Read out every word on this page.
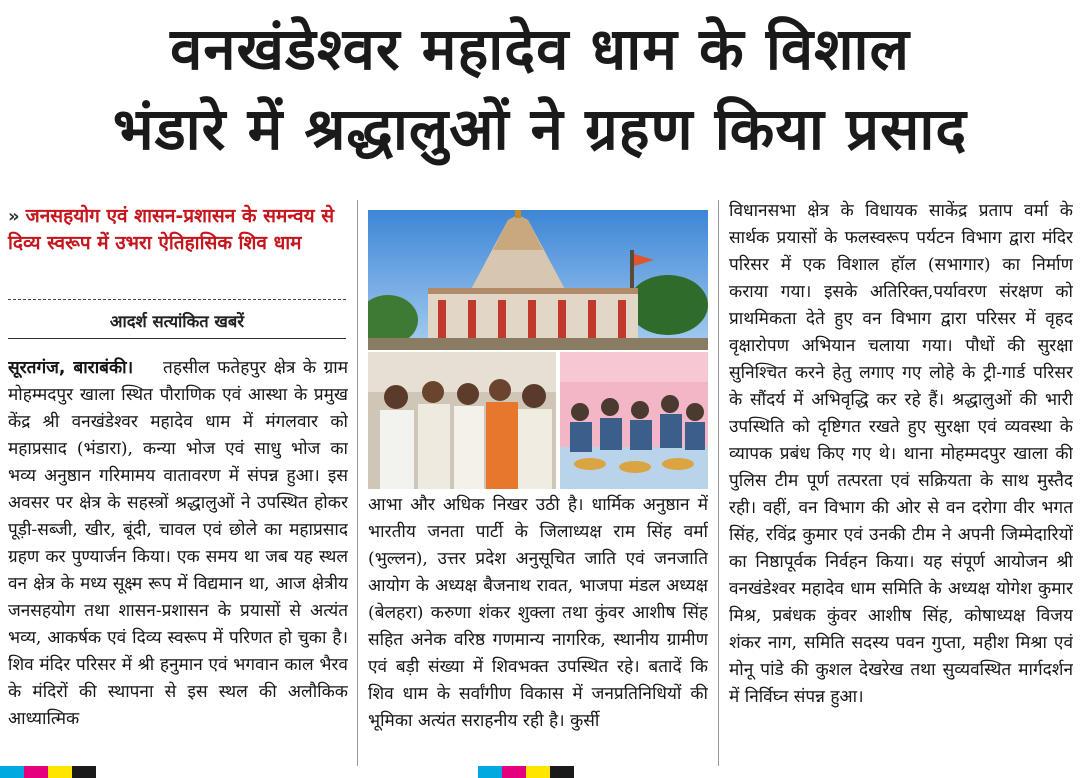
वनखंडेश्वर महादेव धाम के विशाल
भंडारे में श्रद्धालुओं ने ग्रहण किया प्रसाद
» जनसहयोग एवं शासन-प्रशासन के समन्वय से दिव्य स्वरूप में उभरा ऐतिहासिक शिव धाम
आदर्श सत्यांकित खबरें
सूरतगंज, बाराबंकी। तहसील फतेहपुर क्षेत्र के ग्राम मोहम्मदपुर खाला स्थित पौराणिक एवं आस्था के प्रमुख केंद्र श्री वनखंडेश्वर महादेव धाम में मंगलवार को महाप्रसाद (भंडारा), कन्या भोज एवं साधु भोज का भव्य अनुष्ठान गरिमामय वातावरण में संपन्न हुआ। इस अवसर पर क्षेत्र के सहस्त्रों श्रद्धालुओं ने उपस्थित होकर पूड़ी-सब्जी, खीर, बूंदी, चावल एवं छोले का महाप्रसाद ग्रहण कर पुण्यार्जन किया। एक समय था जब यह स्थल वन क्षेत्र के मध्य सूक्ष्म रूप में विद्यमान था, आज क्षेत्रीय जनसहयोग तथा शासन-प्रशासन के प्रयासों से अत्यंत भव्य, आकर्षक एवं दिव्य स्वरूप में परिणत हो चुका है। शिव मंदिर परिसर में श्री हनुमान एवं भगवान काल भैरव के मंदिरों की स्थापना से इस स्थल की अलौकिक आध्यात्मिक
आभा और अधिक निखर उठी है। धार्मिक अनुष्ठान में भारतीय जनता पार्टी के जिलाध्यक्ष राम सिंह वर्मा (भुल्लन), उत्तर प्रदेश अनुसूचित जाति एवं जनजाति आयोग के अध्यक्ष बैजनाथ रावत, भाजपा मंडल अध्यक्ष (बेलहरा) करुणा शंकर शुक्ला तथा कुंवर आशीष सिंह सहित अनेक वरिष्ठ गणमान्य नागरिक, स्थानीय ग्रामीण एवं बड़ी संख्या में शिवभक्त उपस्थित रहे। बतादें कि शिव धाम के सर्वांगीण विकास में जनप्रतिनिधियों की भूमिका अत्यंत सराहनीय रही है। कुर्सी
विधानसभा क्षेत्र के विधायक साकेंद्र प्रताप वर्मा के सार्थक प्रयासों के फलस्वरूप पर्यटन विभाग द्वारा मंदिर परिसर में एक विशाल हॉल (सभागार) का निर्माण कराया गया। इसके अतिरिक्त,पर्यावरण संरक्षण को प्राथमिकता देते हुए वन विभाग द्वारा परिसर में वृहद वृक्षारोपण अभियान चलाया गया। पौधों की सुरक्षा सुनिश्चित करने हेतु लगाए गए लोहे के ट्री-गार्ड परिसर के सौंदर्य में अभिवृद्धि कर रहे हैं। श्रद्धालुओं की भारी उपस्थिति को दृष्टिगत रखते हुए सुरक्षा एवं व्यवस्था के व्यापक प्रबंध किए गए थे। थाना मोहम्मदपुर खाला की पुलिस टीम पूर्ण तत्परता एवं सक्रियता के साथ मुस्तैद रही। वहीं, वन विभाग की ओर से वन दरोगा वीर भगत सिंह, रविंद्र कुमार एवं उनकी टीम ने अपनी जिम्मेदारियों का निष्ठापूर्वक निर्वहन किया। यह संपूर्ण आयोजन श्री वनखंडेश्वर महादेव धाम समिति के अध्यक्ष योगेश कुमार मिश्र, प्रबंधक कुंवर आशीष सिंह, कोषाध्यक्ष विजय शंकर नाग, समिति सदस्य पवन गुप्ता, महीश मिश्रा एवं मोनू पांडे की कुशल देखरेख तथा सुव्यवस्थित मार्गदर्शन में निर्विघ्न संपन्न हुआ।
